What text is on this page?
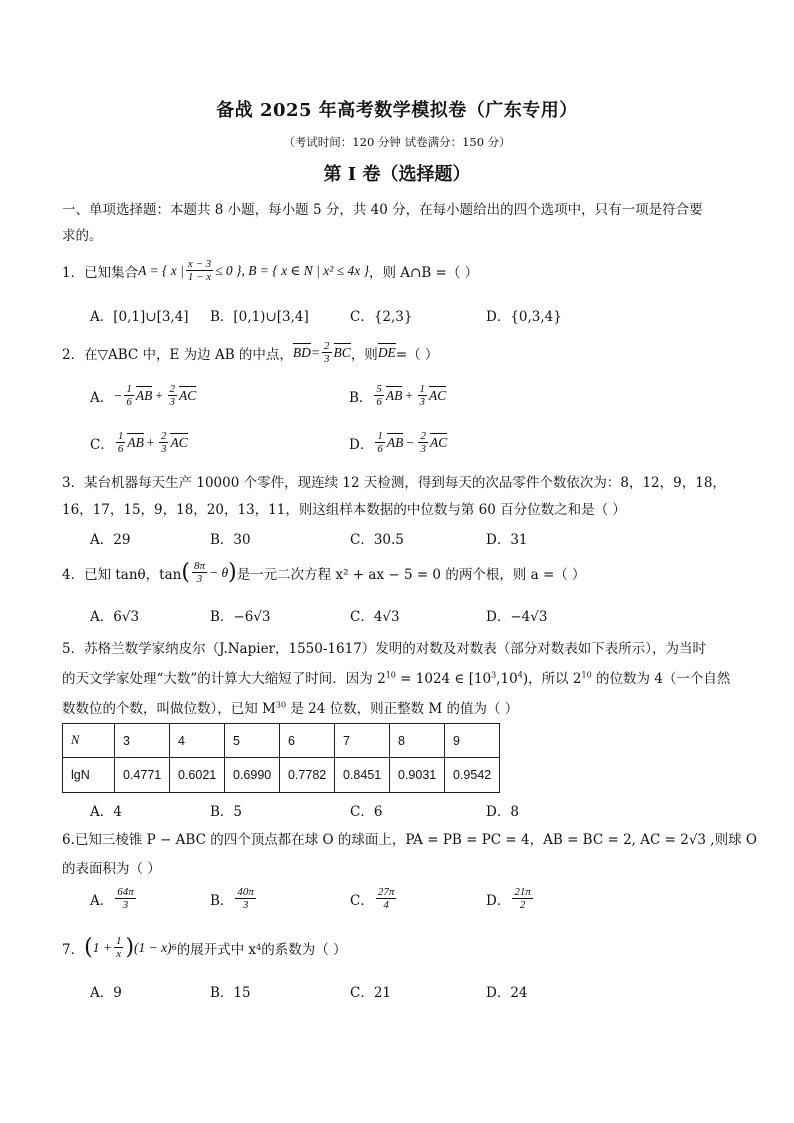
备战 2025 年高考数学模拟卷（广东专用）
（考试时间：120 分钟 试卷满分：150 分）
第 I 卷（选择题）
一、单项选择题：本题共 8 小题，每小题 5 分，共 40 分，在每小题给出的四个选项中，只有一项是符合要
求的。
1．已知集合 A = { x | $\frac{x - 3}{1 - x} \le 0$ } , B = { x ∈ N | x² ≤ 4x } ，则 A∩B =（ ）
A．[0,1]∪[3,4] B．[0,1)∪[3,4]	C．{2,3}	D．{0,3,4}
2．在▽ABC 中，E 为边 AB 的中点， BD = $\frac{2}{3}$ BC ，则 DE =（ ）
A． − $\frac{1}{6}$ AB + $\frac{2}{3}$ AC	B． $\frac{5}{6}$ AB + $\frac{1}{3}$ AC
C． $\frac{1}{6}$ AB + $\frac{2}{3}$ AC	D． $\frac{1}{6}$ AB − $\frac{2}{3}$ AC
3．某台机器每天生产 10000 个零件，现连续 12 天检测，得到每天的次品零件个数依次为：8，12，9，18，
16，17，15，9，18，20，13，11，则这组样本数据的中位数与第 60 百分位数之和是（ ）
A．29	B．30	C．30.5	D．31
4．已知 tanθ，tan ( $\frac{8\pi}{3} - \theta$ ) 是一元二次方程 x² + ax − 5 = 0 的两个根，则 a =（ ）
A．6√3	B．−6√3	C．4√3	D．−4√3
5．苏格兰数学家纳皮尔（J.Napier，1550-1617）发明的对数及对数表（部分对数表如下表所示），为当时
的天文学家处理“大数”的计算大大缩短了时间．因为 $2^{10} = 1024$ ∈ $[10^3,10^4)$，所以 $2^{10}$ 的位数为 4（一个自然
数数位的个数，叫做位数），已知 $M^{30}$ 是 24 位数，则正整数 M 的值为（ ）
N	3	4	5	6	7	8	9
lgN	0.4771	0.6021	0.6990	0.7782	0.8451	0.9031	0.9542
A．4	B．5	C．6	D．8
6.已知三棱锥 P − ABC 的四个顶点都在球 O 的球面上，PA = PB = PC = 4，AB = BC = 2, AC = 2√3 ,则球 O
的表面积为（ ）
A． $\frac{64\pi}{3}$	B． $\frac{40\pi}{3}$	C． $\frac{27\pi}{4}$	D． $\frac{21\pi}{2}$
7． ( $1 + \frac{1}{x}$ ) (1 − x) 6 的展开式中 x 4 的系数为（ ）
A．9	B．15	C．21	D．24
